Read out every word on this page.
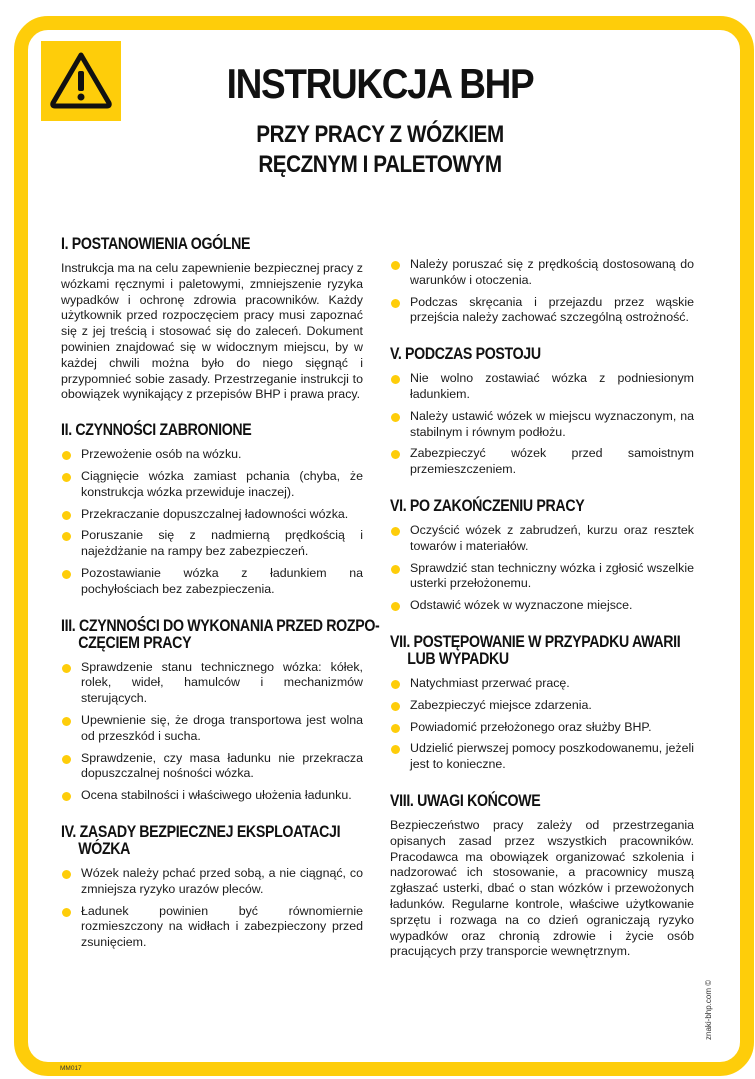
INSTRUKCJA BHP
PRZY PRACY Z WÓZKIEM
RĘCZNYM I PALETOWYM
I. POSTANOWIENIA OGÓLNE

Instrukcja ma na celu zapewnienie bezpiecznej pracy z wózkami ręcznymi i paletowymi, zmniejszenie ryzyka wypadków i ochronę zdrowia pracowników. Każdy użytkownik przed rozpoczęciem pracy musi zapoznać się z jej treścią i stosować się do zaleceń. Dokument powinien znajdować się w widocznym miejscu, by w każdej chwili można było do niego sięgnąć i przypomnieć sobie zasady. Przestrzeganie instrukcji to obowiązek wynikający z przepisów BHP i prawa pracy.

II. CZYNNOŚCI ZABRONIONE
Przewożenie osób na wózku.
Ciągnięcie wózka zamiast pchania (chyba, że konstrukcja wózka przewiduje inaczej).
Przekraczanie dopuszczalnej ładowności wózka.
Poruszanie się z nadmierną prędkością i najeżdżanie na rampy bez zabezpieczeń.
Pozostawianie wózka z ładunkiem na pochyłościach bez zabezpieczenia.
III. CZYNNOŚCI DO WYKONANIA PRZED ROZPO-
CZĘCIEM PRACY
Sprawdzenie stanu technicznego wózka: kółek, rolek, wideł, hamulców i mechanizmów sterujących.
Upewnienie się, że droga transportowa jest wolna od przeszkód i sucha.
Sprawdzenie, czy masa ładunku nie przekracza dopuszczalnej nośności wózka.
Ocena stabilności i właściwego ułożenia ładunku.
IV. ZASADY BEZPIECZNEJ EKSPLOATACJI
WÓZKA
Wózek należy pchać przed sobą, a nie ciągnąć, co zmniejsza ryzyko urazów pleców.
Ładunek powinien być równomiernie rozmieszczony na widłach i zabezpieczony przed zsunięciem.
Należy poruszać się z prędkością dostosowaną do warunków i otoczenia.
Podczas skręcania i przejazdu przez wąskie przejścia należy zachować szczególną ostrożność.
V. PODCZAS POSTOJU
Nie wolno zostawiać wózka z podniesionym ładunkiem.
Należy ustawić wózek w miejscu wyznaczonym, na stabilnym i równym podłożu.
Zabezpieczyć wózek przed samoistnym przemieszczeniem.
VI. PO ZAKOŃCZENIU PRACY
Oczyścić wózek z zabrudzeń, kurzu oraz resztek towarów i materiałów.
Sprawdzić stan techniczny wózka i zgłosić wszelkie usterki przełożonemu.
Odstawić wózek w wyznaczone miejsce.
VII. POSTĘPOWANIE W PRZYPADKU AWARII
LUB WYPADKU
Natychmiast przerwać pracę.
Zabezpieczyć miejsce zdarzenia.
Powiadomić przełożonego oraz służby BHP.
Udzielić pierwszej pomocy poszkodowanemu, jeżeli jest to konieczne.
VIII. UWAGI KOŃCOWE

Bezpieczeństwo pracy zależy od przestrzegania opisanych zasad przez wszystkich pracowników. Pracodawca ma obowiązek organizować szkolenia i nadzorować ich stosowanie, a pracownicy muszą zgłaszać usterki, dbać o stan wózków i przewożonych ładunków. Regularne kontrole, właściwe użytkowanie sprzętu i rozwaga na co dzień ograniczają ryzyko wypadków oraz chronią zdrowie i życie osób pracujących przy transporcie wewnętrznym.

znaki-bhp.com ©
MM017
